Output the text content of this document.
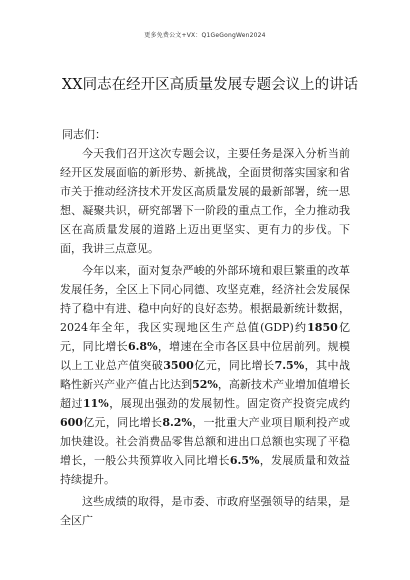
更多免费公文+VX：Q1GeGongWen2024
XX同志在经开区高质量发展专题会议上的讲话

同志们：

今天我们召开这次专题会议，主要任务是深入分析当前经开区发展面临的新形势、新挑战，全面贯彻落实国家和省市关于推动经济技术开发区高质量发展的最新部署，统一思想、凝聚共识，研究部署下一阶段的重点工作，全力推动我区在高质量发展的道路上迈出更坚实、更有力的步伐。下面，我讲三点意见。

今年以来，面对复杂严峻的外部环境和艰巨繁重的改革发展任务，全区上下同心同德、攻坚克难，经济社会发展保持了稳中有进、稳中向好的良好态势。根据最新统计数据，2024年全年，我区实现地区生产总值(GDP)约1850亿元，同比增长6.8%，增速在全市各区县中位居前列。规模以上工业总产值突破3500亿元，同比增长7.5%，其中战略性新兴产业产值占比达到52%，高新技术产业增加值增长超过11%，展现出强劲的发展韧性。固定资产投资完成约600亿元，同比增长8.2%，一批重大产业项目顺利投产或加快建设。社会消费品零售总额和进出口总额也实现了平稳增长，一般公共预算收入同比增长6.5%，发展质量和效益持续提升。

这些成绩的取得，是市委、市政府坚强领导的结果，是全区广
